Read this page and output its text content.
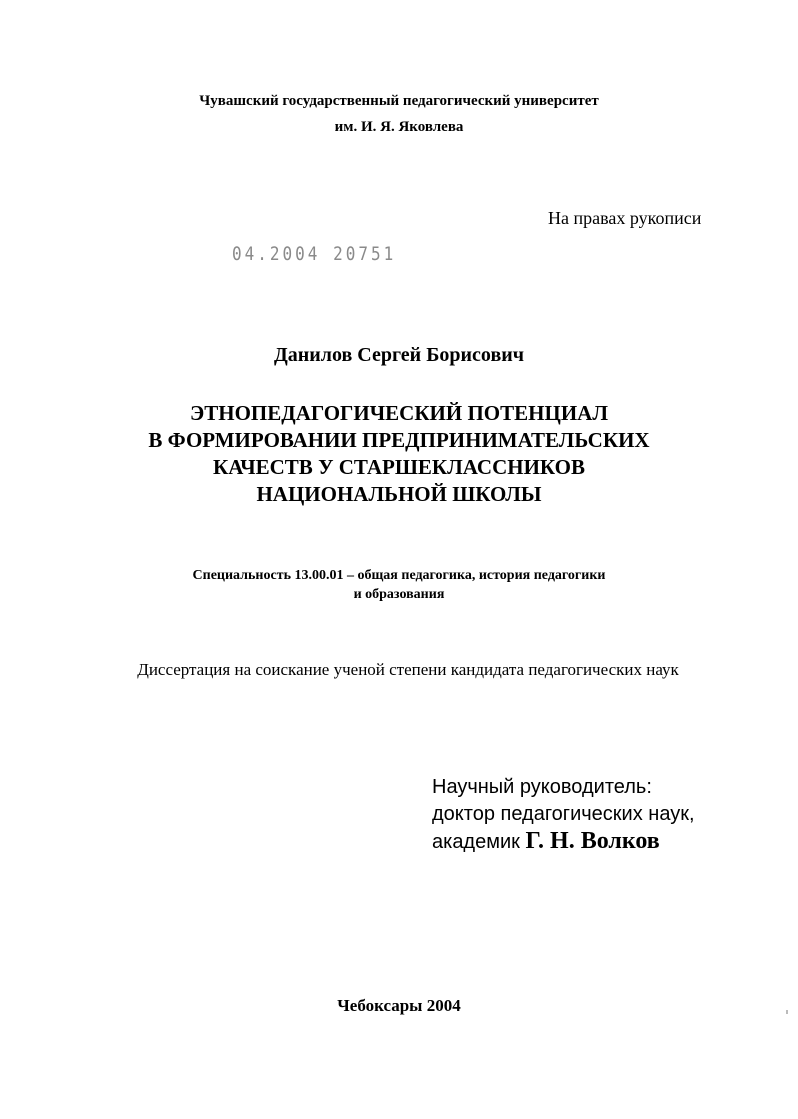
Чувашский государственный педагогический университет
им. И. Я. Яковлева
На правах рукописи
04.2004 20751
Данилов Сергей Борисович
ЭТНОПЕДАГОГИЧЕСКИЙ ПОТЕНЦИАЛ
В ФОРМИРОВАНИИ ПРЕДПРИНИМАТЕЛЬСКИХ
КАЧЕСТВ У СТАРШЕКЛАССНИКОВ
НАЦИОНАЛЬНОЙ ШКОЛЫ
Специальность 13.00.01 – общая педагогика, история педагогики
и образования
Диссертация на соискание ученой степени кандидата педагогических наук
Научный руководитель:
доктор педагогических наук,
академик Г. Н. Волков
Чебоксары 2004
